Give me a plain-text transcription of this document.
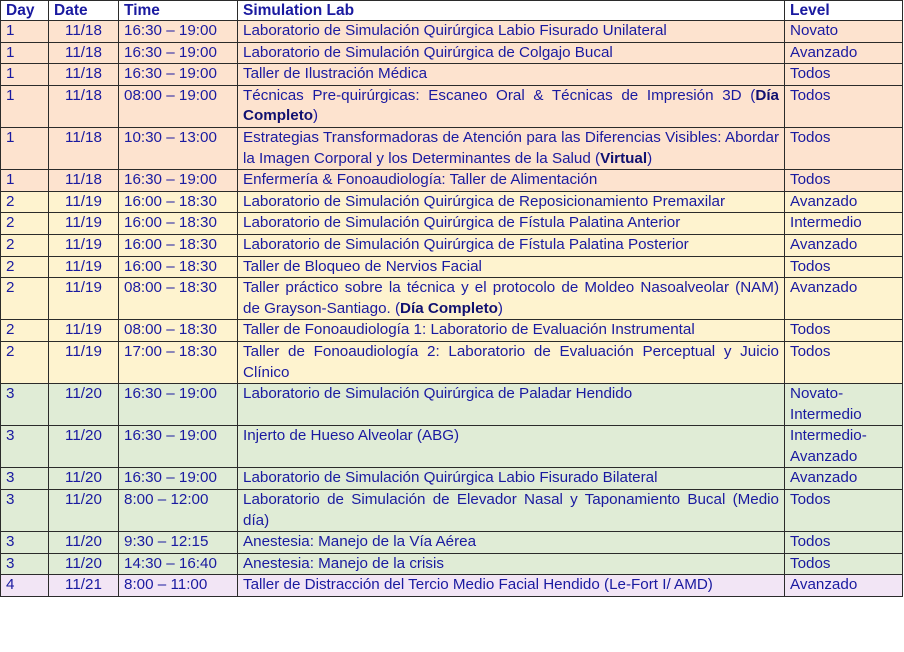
Day	Date	Time	Simulation Lab	Level
1	11/18	16:30 – 19:00	Laboratorio de Simulación Quirúrgica Labio Fisurado Unilateral	Novato
1	11/18	16:30 – 19:00	Laboratorio de Simulación Quirúrgica de Colgajo Bucal	Avanzado
1	11/18	16:30 – 19:00	Taller de Ilustración Médica	Todos
1	11/18	08:00 – 19:00	Técnicas Pre-quirúrgicas: Escaneo Oral & Técnicas de Impresión 3D (Día Completo)	Todos
1	11/18	10:30 – 13:00	Estrategias Transformadoras de Atención para las Diferencias Visibles: Abordar la Imagen Corporal y los Determinantes de la Salud (Virtual)	Todos
1	11/18	16:30 – 19:00	Enfermería & Fonoaudiología: Taller de Alimentación	Todos
2	11/19	16:00 – 18:30	Laboratorio de Simulación Quirúrgica de Reposicionamiento Premaxilar	Avanzado
2	11/19	16:00 – 18:30	Laboratorio de Simulación Quirúrgica de Fístula Palatina Anterior	Intermedio
2	11/19	16:00 – 18:30	Laboratorio de Simulación Quirúrgica de Fístula Palatina Posterior	Avanzado
2	11/19	16:00 – 18:30	Taller de Bloqueo de Nervios Facial	Todos
2	11/19	08:00 – 18:30	Taller práctico sobre la técnica y el protocolo de Moldeo Nasoalveolar (NAM) de Grayson-Santiago. (Día Completo)	Avanzado
2	11/19	08:00 – 18:30	Taller de Fonoaudiología 1: Laboratorio de Evaluación Instrumental	Todos
2	11/19	17:00 – 18:30	Taller de Fonoaudiología 2: Laboratorio de Evaluación Perceptual y Juicio Clínico	Todos
3	11/20	16:30 – 19:00	Laboratorio de Simulación Quirúrgica de Paladar Hendido	Novato-Intermedio
3	11/20	16:30 – 19:00	Injerto de Hueso Alveolar (ABG)	Intermedio-Avanzado
3	11/20	16:30 – 19:00	Laboratorio de Simulación Quirúrgica Labio Fisurado Bilateral	Avanzado
3	11/20	8:00 – 12:00	Laboratorio de Simulación de Elevador Nasal y Taponamiento Bucal (Medio día)	Todos
3	11/20	9:30 – 12:15	Anestesia: Manejo de la Vía Aérea	Todos
3	11/20	14:30 – 16:40	Anestesia: Manejo de la crisis	Todos
4	11/21	8:00 – 11:00	Taller de Distracción del Tercio Medio Facial Hendido (Le-Fort I/ AMD)	Avanzado
